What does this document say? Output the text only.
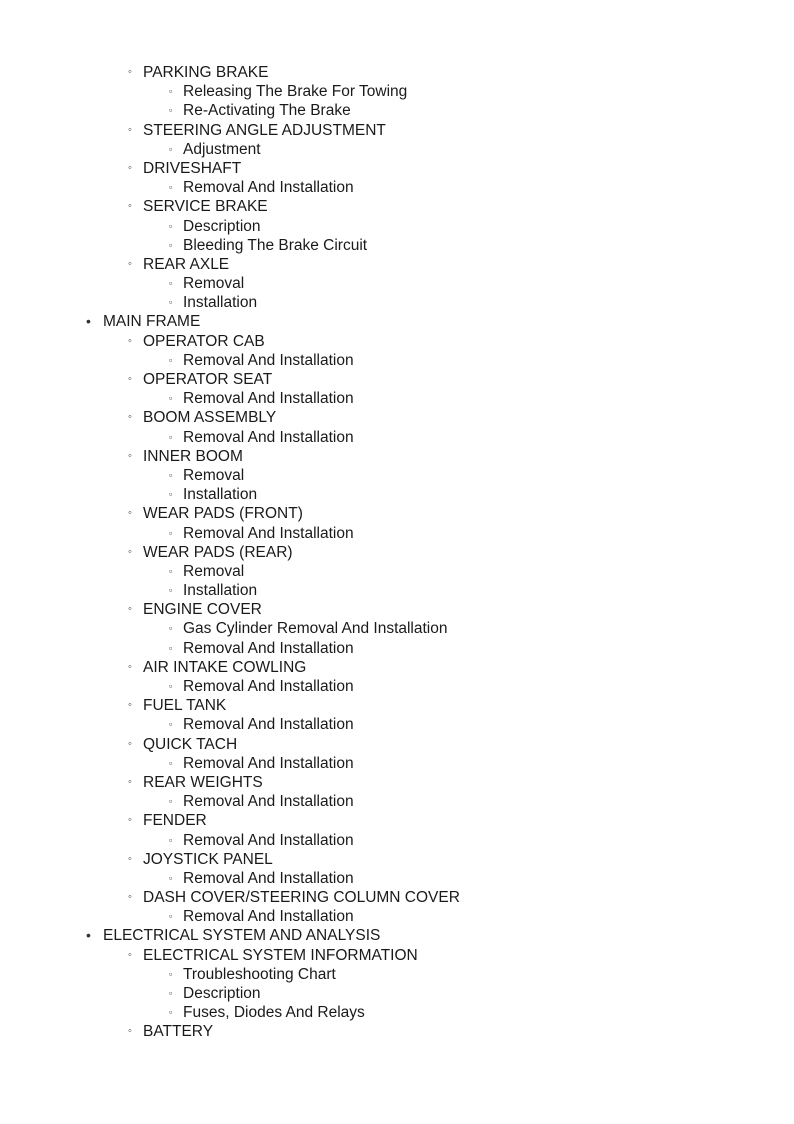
◦ PARKING BRAKE
▫ Releasing The Brake For Towing
▫ Re-Activating The Brake
◦ STEERING ANGLE ADJUSTMENT
▫ Adjustment
◦ DRIVESHAFT
▫ Removal And Installation
◦ SERVICE BRAKE
▫ Description
▫ Bleeding The Brake Circuit
◦ REAR AXLE
▫ Removal
▫ Installation
• MAIN FRAME
◦ OPERATOR CAB
▫ Removal And Installation
◦ OPERATOR SEAT
▫ Removal And Installation
◦ BOOM ASSEMBLY
▫ Removal And Installation
◦ INNER BOOM
▫ Removal
▫ Installation
◦ WEAR PADS (FRONT)
▫ Removal And Installation
◦ WEAR PADS (REAR)
▫ Removal
▫ Installation
◦ ENGINE COVER
▫ Gas Cylinder Removal And Installation
▫ Removal And Installation
◦ AIR INTAKE COWLING
▫ Removal And Installation
◦ FUEL TANK
▫ Removal And Installation
◦ QUICK TACH
▫ Removal And Installation
◦ REAR WEIGHTS
▫ Removal And Installation
◦ FENDER
▫ Removal And Installation
◦ JOYSTICK PANEL
▫ Removal And Installation
◦ DASH COVER/STEERING COLUMN COVER
▫ Removal And Installation
• ELECTRICAL SYSTEM AND ANALYSIS
◦ ELECTRICAL SYSTEM INFORMATION
▫ Troubleshooting Chart
▫ Description
▫ Fuses, Diodes And Relays
◦ BATTERY
